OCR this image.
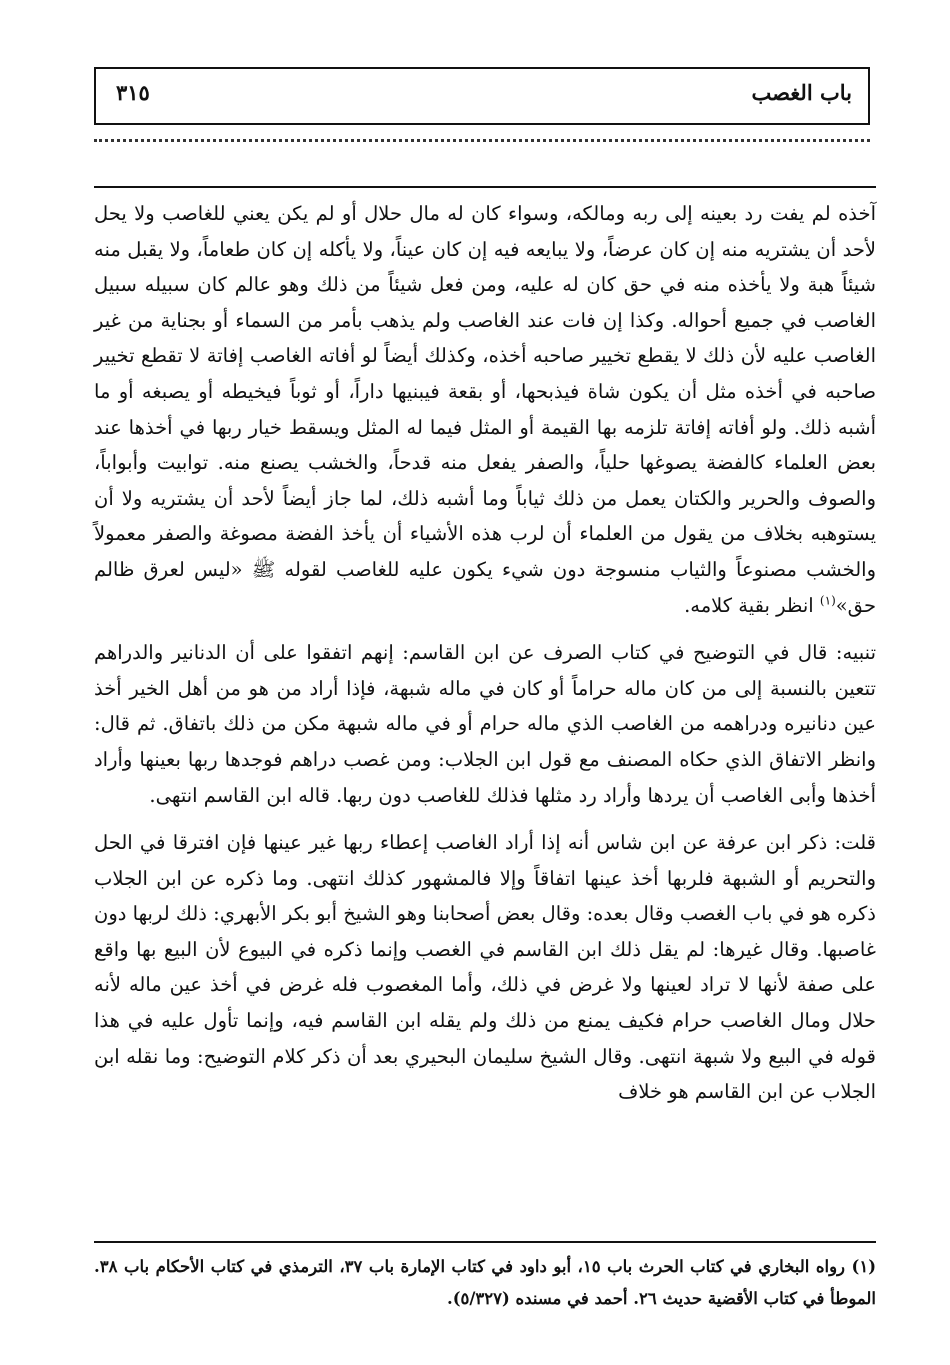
باب الغصب
٣١٥

آخذه لم يفت رد بعينه إلى ربه ومالكه، وسواء كان له مال حلال أو لم يكن يعني للغاصب ولا يحل لأحد أن يشتريه منه إن كان عرضاً، ولا يبايعه فيه إن كان عيناً، ولا يأكله إن كان طعاماً، ولا يقبل منه شيئاً هبة ولا يأخذه منه في حق كان له عليه، ومن فعل شيئاً من ذلك وهو عالم كان سبيله سبيل الغاصب في جميع أحواله. وكذا إن فات عند الغاصب ولم يذهب بأمر من السماء أو بجناية من غير الغاصب عليه لأن ذلك لا يقطع تخيير صاحبه أخذه، وكذلك أيضاً لو أفاته الغاصب إفاتة لا تقطع تخيير صاحبه في أخذه مثل أن يكون شاة فيذبحها، أو بقعة فيبنيها داراً، أو ثوباً فيخيطه أو يصبغه أو ما أشبه ذلك. ولو أفاته إفاتة تلزمه بها القيمة أو المثل فيما له المثل ويسقط خيار ربها في أخذها عند بعض العلماء كالفضة يصوغها حلياً، والصفر يفعل منه قدحاً، والخشب يصنع منه. توابيت وأبواباً، والصوف والحرير والكتان يعمل من ذلك ثياباً وما أشبه ذلك، لما جاز أيضاً لأحد أن يشتريه ولا أن يستوهبه بخلاف من يقول من العلماء أن لرب هذه الأشياء أن يأخذ الفضة مصوغة والصفر معمولاً والخشب مصنوعاً والثياب منسوجة دون شيء يكون عليه للغاصب لقوله ﷺ «ليس لعرق ظالم حق»$^{(١)}$ انظر بقية كلامه.

تنبيه: قال في التوضيح في كتاب الصرف عن ابن القاسم: إنهم اتفقوا على أن الدنانير والدراهم تتعين بالنسبة إلى من كان ماله حراماً أو كان في ماله شبهة، فإذا أراد من هو من أهل الخير أخذ عين دنانيره ودراهمه من الغاصب الذي ماله حرام أو في ماله شبهة مكن من ذلك باتفاق. ثم قال: وانظر الاتفاق الذي حكاه المصنف مع قول ابن الجلاب: ومن غصب دراهم فوجدها ربها بعينها وأراد أخذها وأبى الغاصب أن يردها وأراد رد مثلها فذلك للغاصب دون ربها. قاله ابن القاسم انتهى.

قلت: ذكر ابن عرفة عن ابن شاس أنه إذا أراد الغاصب إعطاء ربها غير عينها فإن افترقا في الحل والتحريم أو الشبهة فلربها أخذ عينها اتفاقاً وإلا فالمشهور كذلك انتهى. وما ذكره عن ابن الجلاب ذكره هو في باب الغصب وقال بعده: وقال بعض أصحابنا وهو الشيخ أبو بكر الأبهري: ذلك لربها دون غاصبها. وقال غيرها: لم يقل ذلك ابن القاسم في الغصب وإنما ذكره في البيوع لأن البيع بها واقع على صفة لأنها لا تراد لعينها ولا غرض في ذلك، وأما المغصوب فله غرض في أخذ عين ماله لأنه حلال ومال الغاصب حرام فكيف يمنع من ذلك ولم يقله ابن القاسم فيه، وإنما تأول عليه في هذا قوله في البيع ولا شبهة انتهى. وقال الشيخ سليمان البحيري بعد أن ذكر كلام التوضيح: وما نقله ابن الجلاب عن ابن القاسم هو خلاف

(١) رواه البخاري في كتاب الحرث باب ١٥، أبو داود في كتاب الإمارة باب ٣٧، الترمذي في كتاب الأحكام باب ٣٨. الموطأ في كتاب الأقضية حديث ٢٦. أحمد في مسنده (٥/٣٢٧).
